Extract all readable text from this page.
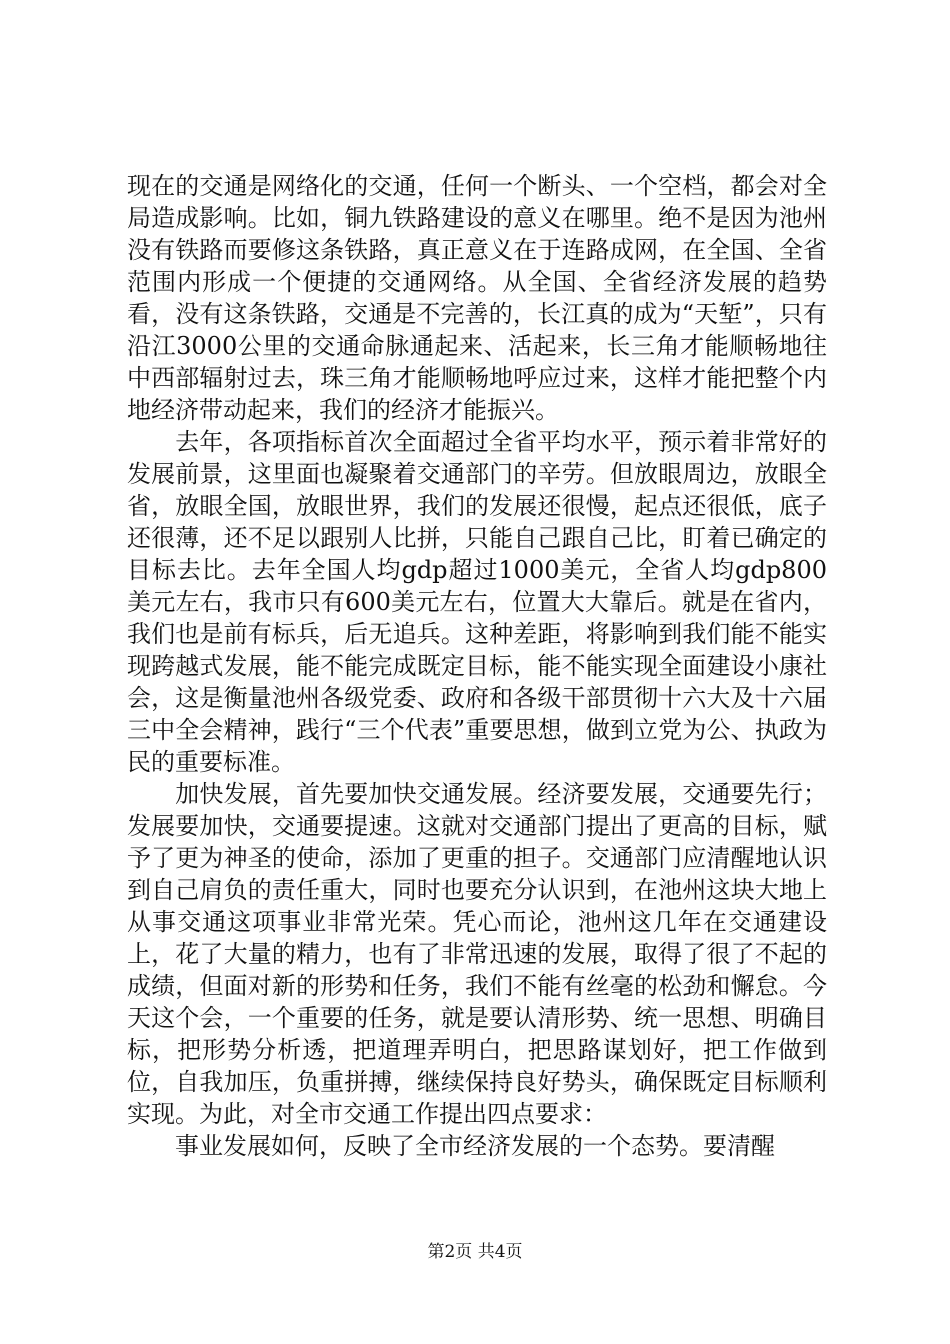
现在的交通是网络化的交通，任何一个断头、一个空档，都会对全局造成影响。比如，铜九铁路建设的意义在哪里。绝不是因为池州没有铁路而要修这条铁路，真正意义在于连路成网，在全国、全省范围内形成一个便捷的交通网络。从全国、全省经济发展的趋势看，没有这条铁路，交通是不完善的，长江真的成为“天堑”，只有沿江3000公里的交通命脉通起来、活起来，长三角才能顺畅地往中西部辐射过去，珠三角才能顺畅地呼应过来，这样才能把整个内地经济带动起来，我们的经济才能振兴。

　　去年，各项指标首次全面超过全省平均水平，预示着非常好的发展前景，这里面也凝聚着交通部门的辛劳。但放眼周边，放眼全省，放眼全国，放眼世界，我们的发展还很慢，起点还很低，底子还很薄，还不足以跟别人比拼，只能自己跟自己比，盯着已确定的目标去比。去年全国人均gdp超过1000美元，全省人均gdp800美元左右，我市只有600美元左右，位置大大靠后。就是在省内，我们也是前有标兵，后无追兵。这种差距，将影响到我们能不能实现跨越式发展，能不能完成既定目标，能不能实现全面建设小康社会，这是衡量池州各级党委、政府和各级干部贯彻十六大及十六届三中全会精神，践行“三个代表”重要思想，做到立党为公、执政为民的重要标准。

　　加快发展，首先要加快交通发展。经济要发展，交通要先行；发展要加快，交通要提速。这就对交通部门提出了更高的目标，赋予了更为神圣的使命，添加了更重的担子。交通部门应清醒地认识到自己肩负的责任重大，同时也要充分认识到，在池州这块大地上从事交通这项事业非常光荣。凭心而论，池州这几年在交通建设上，花了大量的精力，也有了非常迅速的发展，取得了很了不起的成绩，但面对新的形势和任务，我们不能有丝毫的松劲和懈怠。今天这个会，一个重要的任务，就是要认清形势、统一思想、明确目标，把形势分析透，把道理弄明白，把思路谋划好，把工作做到位，自我加压，负重拼搏，继续保持良好势头，确保既定目标顺利实现。为此，对全市交通工作提出四点要求：

　　事业发展如何，反映了全市经济发展的一个态势。要清醒

第2页 共4页
